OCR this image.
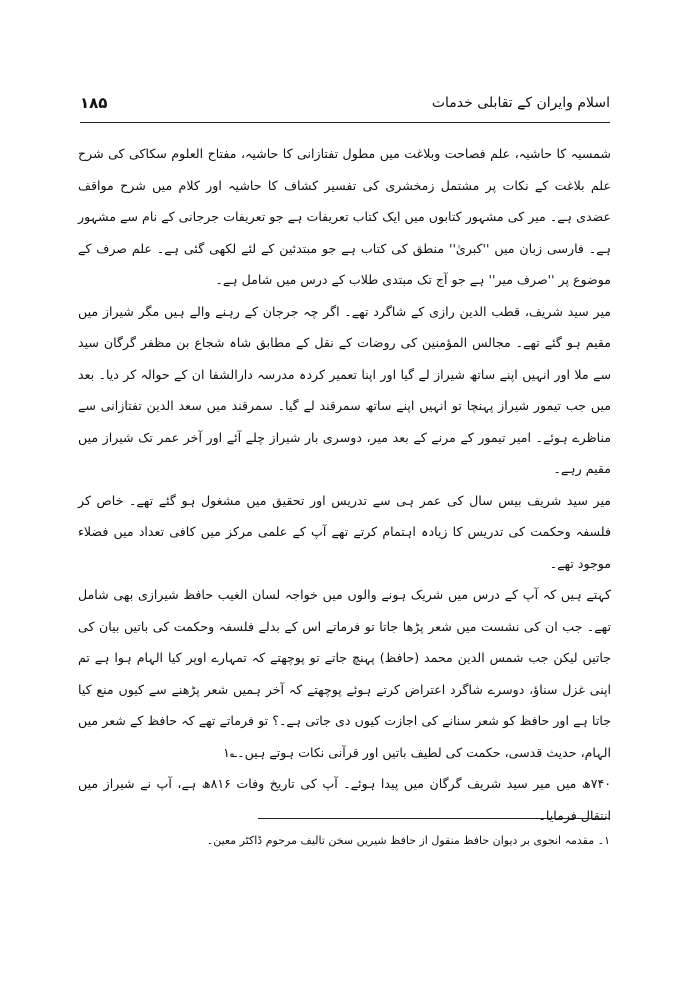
اسلام وایران کے تقابلی خدمات
۱۸۵

شمسیہ کا حاشیہ، علم فصاحت وبلاغت میں مطول تفتازانی کا حاشیہ، مفتاح العلوم سکاکی کی شرح علم بلاغت کے نکات پر مشتمل زمخشری کی تفسیر کشاف کا حاشیہ اور کلام میں شرح مواقف عضدی ہے۔ میر کی مشہور کتابوں میں ایک کتاب تعریفات ہے جو تعریفات جرجانی کے نام سے مشہور ہے۔ فارسی زبان میں ''کبریٰ'' منطق کی کتاب ہے جو مبتدئین کے لئے لکھی گئی ہے۔ علم صرف کے موضوع پر ''صرف میر'' ہے جو آج تک مبتدی طلاب کے درس میں شامل ہے۔

میر سید شریف، قطب الدین رازی کے شاگرد تھے۔ اگر چہ جرجان کے رہنے والے ہیں مگر شیراز میں مقیم ہو گئے تھے۔ مجالس المؤمنین کی روضات کے نقل کے مطابق شاہ شجاع بن مظفر گرگان سید سے ملا اور انہیں اپنے ساتھ شیراز لے گیا اور اپنا تعمیر کردہ مدرسہ دارالشفا ان کے حوالہ کر دیا۔ بعد میں جب تیمور شیراز پہنچا تو انہیں اپنے ساتھ سمرقند لے گیا۔ سمرقند میں سعد الدین تفتازانی سے مناظرے ہوئے۔ امیر تیمور کے مرنے کے بعد میر، دوسری بار شیراز چلے آئے اور آخر عمر تک شیراز میں مقیم رہے۔

میر سید شریف بیس سال کی عمر ہی سے تدریس اور تحقیق میں مشغول ہو گئے تھے۔ خاص کر فلسفہ وحکمت کی تدریس کا زیادہ اہتمام کرتے تھے آپ کے علمی مرکز میں کافی تعداد میں فضلاء موجود تھے۔

کہتے ہیں کہ آپ کے درس میں شریک ہونے والوں میں خواجہ لسان الغیب حافظ شیرازی بھی شامل تھے۔ جب ان کی نشست میں شعر پڑھا جاتا تو فرماتے اس کے بدلے فلسفہ وحکمت کی باتیں بیان کی جاتیں لیکن جب شمس الدین محمد (حافظ) پہنچ جاتے تو پوچھتے کہ تمہارے اوپر کیا الہام ہوا ہے تم اپنی غزل سناؤ، دوسرے شاگرد اعتراض کرتے ہوئے پوچھتے کہ آخر ہمیں شعر پڑھنے سے کیوں منع کیا جاتا ہے اور حافظ کو شعر سنانے کی اجازت کیوں دی جاتی ہے۔؟ تو فرماتے تھے کہ حافظ کے شعر میں الہام، حدیث قدسی، حکمت کی لطیف باتیں اور قرآنی نکات ہوتے ہیں۔؎۱

۷۴۰ھ میں میر سید شریف گرگان میں پیدا ہوئے۔ آپ کی تاریخ وفات ۸۱۶ھ ہے، آپ نے شیراز میں انتقال فرمایا۔

۱۔ مقدمہ انجوی بر دیوان حافظ منقول از حافظ شیریں سخن تالیف مرحوم ڈاکٹر معین۔
